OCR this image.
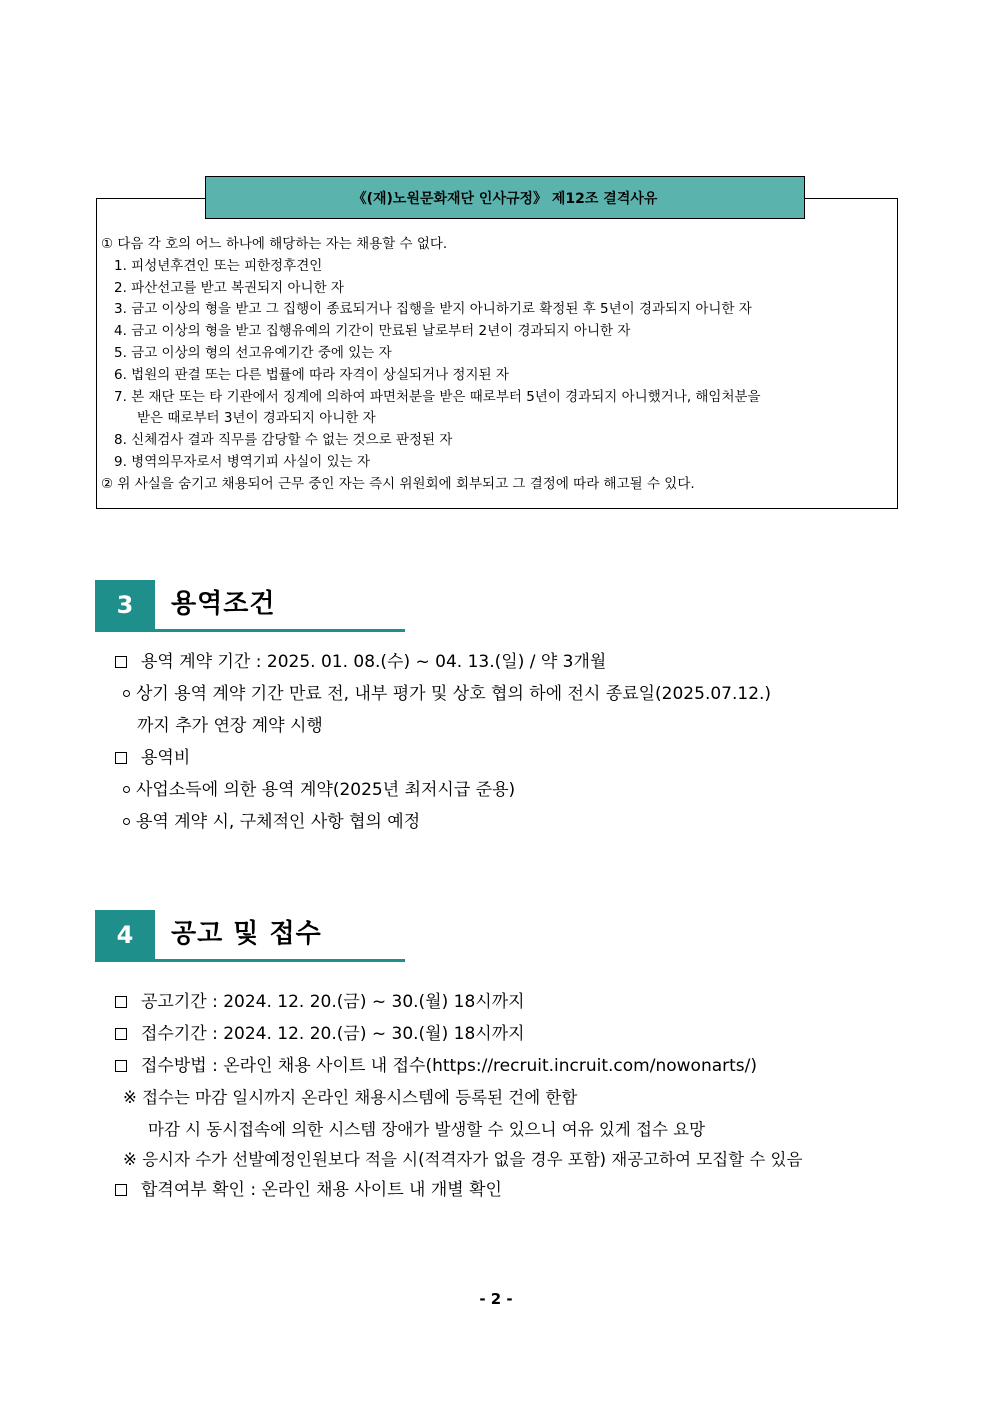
《(재)노원문화재단 인사규정》 제12조 결격사유
① 다음 각 호의 어느 하나에 해당하는 자는 채용할 수 없다.
1. 피성년후견인 또는 피한정후견인
2. 파산선고를 받고 복권되지 아니한 자
3. 금고 이상의 형을 받고 그 집행이 종료되거나 집행을 받지 아니하기로 확정된 후 5년이 경과되지 아니한 자
4. 금고 이상의 형을 받고 집행유예의 기간이 만료된 날로부터 2년이 경과되지 아니한 자
5. 금고 이상의 형의 선고유예기간 중에 있는 자
6. 법원의 판결 또는 다른 법률에 따라 자격이 상실되거나 정지된 자
7. 본 재단 또는 타 기관에서 징계에 의하여 파면처분을 받은 때로부터 5년이 경과되지 아니했거나, 해임처분을
받은 때로부터 3년이 경과되지 아니한 자
8. 신체검사 결과 직무를 감당할 수 없는 것으로 판정된 자
9. 병역의무자로서 병역기피 사실이 있는 자
② 위 사실을 숨기고 채용되어 근무 중인 자는 즉시 위원회에 회부되고 그 결정에 따라 해고될 수 있다.
3	용역조건
용역 계약 기간 : 2025. 01. 08.(수) ~ 04. 13.(일) / 약 3개월
상기 용역 계약 기간 만료 전, 내부 평가 및 상호 협의 하에 전시 종료일(2025.07.12.)
까지 추가 연장 계약 시행
용역비
사업소득에 의한 용역 계약(2025년 최저시급 준용)
용역 계약 시, 구체적인 사항 협의 예정
4	공고 및 접수
공고기간 : 2024. 12. 20.(금) ~ 30.(월) 18시까지
접수기간 : 2024. 12. 20.(금) ~ 30.(월) 18시까지
접수방법 : 온라인 채용 사이트 내 접수(https://recruit.incruit.com/nowonarts/)
※ 접수는 마감 일시까지 온라인 채용시스템에 등록된 건에 한함
마감 시 동시접속에 의한 시스템 장애가 발생할 수 있으니 여유 있게 접수 요망
※ 응시자 수가 선발예정인원보다 적을 시(적격자가 없을 경우 포함) 재공고하여 모집할 수 있음
합격여부 확인 : 온라인 채용 사이트 내 개별 확인
- 2 -
